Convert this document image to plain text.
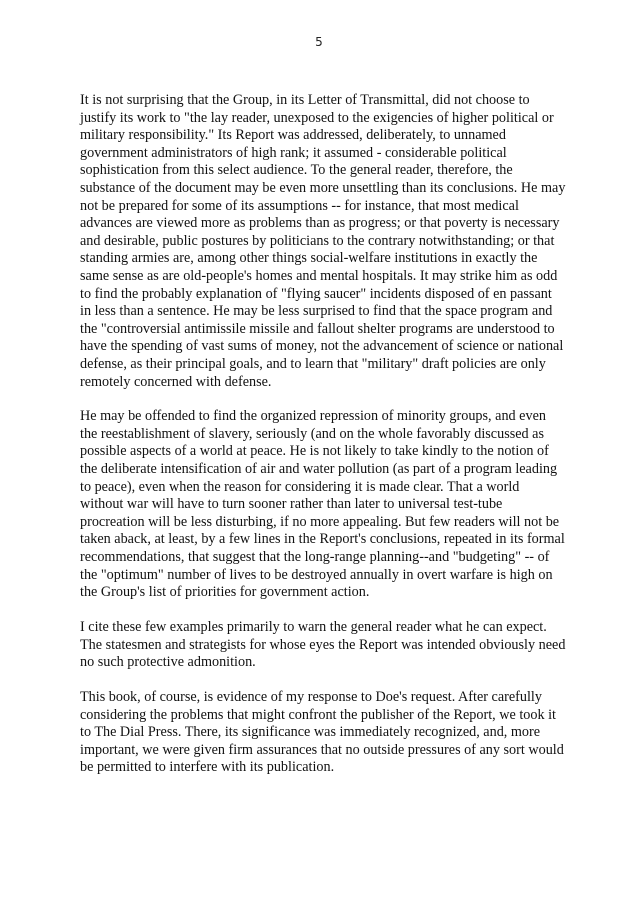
5

It is not surprising that the Group, in its Letter of Transmittal, did not choose to justify its work to "the lay reader, unexposed to the exigencies of higher political or military responsibility." Its Report was addressed, deliberately, to unnamed government administrators of high rank; it assumed - considerable political sophistication from this select audience. To the general reader, therefore, the substance of the document may be even more unsettling than its conclusions. He may not be prepared for some of its assumptions -- for instance, that most medical advances are viewed more as problems than as progress; or that poverty is necessary and desirable, public postures by politicians to the contrary notwithstanding; or that standing armies are, among other things social-welfare institutions in exactly the same sense as are old-people's homes and mental hospitals. It may strike him as odd to find the probably explanation of "flying saucer" incidents disposed of en passant in less than a sentence. He may be less surprised to find that the space program and the "controversial antimissile missile and fallout shelter programs are understood to have the spending of vast sums of money, not the advancement of science or national defense, as their principal goals, and to learn that "military" draft policies are only remotely concerned with defense.

He may be offended to find the organized repression of minority groups, and even the reestablishment of slavery, seriously (and on the whole favorably discussed as possible aspects of a world at peace. He is not likely to take kindly to the notion of the deliberate intensification of air and water pollution (as part of a program leading to peace), even when the reason for considering it is made clear. That a world without war will have to turn sooner rather than later to universal test-tube procreation will be less disturbing, if no more appealing. But few readers will not be taken aback, at least, by a few lines in the Report's conclusions, repeated in its formal recommendations, that suggest that the long-range planning--and "budgeting" -- of the "optimum" number of lives to be destroyed annually in overt warfare is high on the Group's list of priorities for government action.

I cite these few examples primarily to warn the general reader what he can expect. The statesmen and strategists for whose eyes the Report was intended obviously need no such protective admonition.

This book, of course, is evidence of my response to Doe's request. After carefully considering the problems that might confront the publisher of the Report, we took it to The Dial Press. There, its significance was immediately recognized, and, more important, we were given firm assurances that no outside pressures of any sort would be permitted to interfere with its publication.
